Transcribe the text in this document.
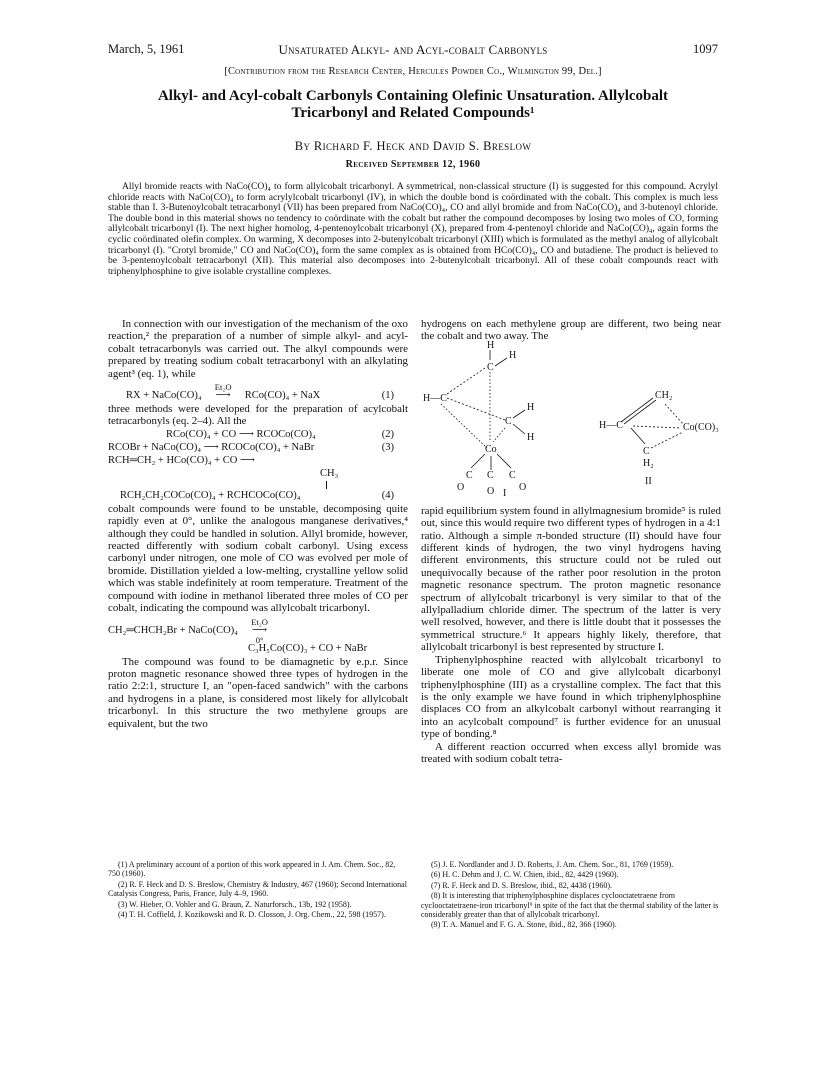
March, 5, 1961	Unsaturated Alkyl- and Acyl-cobalt Carbonyls	1097
[Contribution from the Research Center, Hercules Powder Co., Wilmington 99, Del.]
Alkyl- and Acyl-cobalt Carbonyls Containing Olefinic Unsaturation. Allylcobalt
Tricarbonyl and Related Compounds¹
By Richard F. Heck and David S. Breslow
Received September 12, 1960
Allyl bromide reacts with NaCo(CO)₄ to form allylcobalt tricarbonyl. A symmetrical, non-classical structure (I) is suggested for this compound. Acrylyl chloride reacts with NaCo(CO)₄ to form acrylylcobalt tricarbonyl (IV), in which the double bond is coördinated with the cobalt. This complex is much less stable than I. 3-Butenoylcobalt tetracarbonyl (VII) has been prepared from NaCo(CO)₄, CO and allyl bromide and from NaCo(CO)₄ and 3-butenoyl chloride. The double bond in this material shows no tendency to coördinate with the cobalt but rather the compound decomposes by losing two moles of CO, forming allylcobalt tricarbonyl (I). The next higher homolog, 4-pentenoylcobalt tricarbonyl (X), prepared from 4-pentenoyl chloride and NaCo(CO)₄, again forms the cyclic coördinated olefin complex. On warming, X decomposes into 2-butenylcobalt tricarbonyl (XIII) which is formulated as the methyl analog of allylcobalt tricarbonyl (I). "Crotyl bromide," CO and NaCo(CO)₄ form the same complex as is obtained from HCo(CO)₄, CO and butadiene. The product is believed to be 3-pentenoylcobalt tetracarbonyl (XII). This material also decomposes into 2-butenylcobalt tricarbonyl. All of these cobalt compounds react with triphenylphosphine to give isolable crystalline complexes.

In connection with our investigation of the mechanism of the oxo reaction,² the preparation of a number of simple alkyl- and acyl-cobalt tetracarbonyls was carried out. The alkyl compounds were prepared by treating sodium cobalt tetracarbonyl with an alkylating agent³ (eq. 1), while

RX + NaCo(CO)₄
Et₂O
⟶ RCo(CO)₄ + NaX	(1)

three methods were developed for the preparation of acylcobalt tetracarbonyls (eq. 2–4). All the

RCo(CO)₄ + CO ⟶ RCOCo(CO)₄	(2)
RCOBr + NaCo(CO)₄ ⟶ RCOCo(CO)₄ + NaBr	(3)
RCH═CH₂ + HCo(CO)₄ + CO ⟶
CH₃
RCH₂CH₂COCo(CO)₄ + RCHCOCo(CO)₄	(4)

cobalt compounds were found to be unstable, decomposing quite rapidly even at 0°, unlike the analogous manganese derivatives,⁴ although they could be handled in solution. Allyl bromide, however, reacted differently with sodium cobalt carbonyl. Using excess carbonyl under nitrogen, one mole of CO was evolved per mole of bromide. Distillation yielded a low-melting, crystalline yellow solid which was stable indefinitely at room temperature. Treatment of the compound with iodine in methanol liberated three moles of CO per cobalt, indicating the compound was allylcobalt tricarbonyl.

CH₂═CHCH₂Br + NaCo(CO)₄
Et₂O
⟶
0°
C₃H₅Co(CO)₃ + CO + NaBr

The compound was found to be diamagnetic by e.p.r. Since proton magnetic resonance showed three types of hydrogen in the ratio 2:2:1, structure I, an "open-faced sandwich" with the carbons and hydrogens in a plane, is considered most likely for allylcobalt tricarbonyl. In this structure the two methylene groups are equivalent, but the two

hydrogens on each methylene group are different, two being near the cobalt and two away. The

rapid equilibrium system found in allylmagnesium bromide⁵ is ruled out, since this would require two different types of hydrogen in a 4:1 ratio. Although a simple π-bonded structure (II) should have four different kinds of hydrogen, the two vinyl hydrogens having different environments, this structure could not be ruled out unequivocally because of the rather poor resolution in the proton magnetic resonance spectrum. The proton magnetic resonance spectrum of allylcobalt tricarbonyl is very similar to that of the allylpalladium chloride dimer. The spectrum of the latter is very well resolved, however, and there is little doubt that it possesses the symmetrical structure.⁶ It appears highly likely, therefore, that allylcobalt tricarbonyl is best represented by structure I.

Triphenylphosphine reacted with allylcobalt tricarbonyl to liberate one mole of CO and give allylcobalt dicarbonyl triphenylphosphine (III) as a crystalline complex. The fact that this is the only example we have found in which triphenylphosphine displaces CO from an alkylcobalt carbonyl without rearranging it into an acylcobalt compound⁷ is further evidence for an unusual type of bonding.⁸

A different reaction occurred when excess allyl bromide was treated with sodium cobalt tetra-

H
C
H
H—C
C
H
H
Co
C C C
O O O
I
CH₂
H—C
C
H₂
Co(CO)₃
II

(1) A preliminary account of a portion of this work appeared in J. Am. Chem. Soc., 82, 750 (1960).

(2) R. F. Heck and D. S. Breslow, Chemistry & Industry, 467 (1960); Second International Catalysis Congress, Paris, France, July 4–9, 1960.

(3) W. Hieber, O. Vohler and G. Braun, Z. Naturforsch., 13b, 192 (1958).

(4) T. H. Coffield, J. Kozikowski and R. D. Closson, J. Org. Chem., 22, 598 (1957).

(5) J. E. Nordlander and J. D. Roberts, J. Am. Chem. Soc., 81, 1769 (1959).

(6) H. C. Dehm and J. C. W. Chien, ibid., 82, 4429 (1960).

(7) R. F. Heck and D. S. Breslow, ibid., 82, 4438 (1960).

(8) It is interesting that triphenylphosphine displaces cyclooctatetraene from cyclooctatetraene-iron tricarbonyl⁹ in spite of the fact that the thermal stability of the latter is considerably greater than that of allylcobalt tricarbonyl.

(9) T. A. Manuel and F. G. A. Stone, ibid., 82, 366 (1960).
